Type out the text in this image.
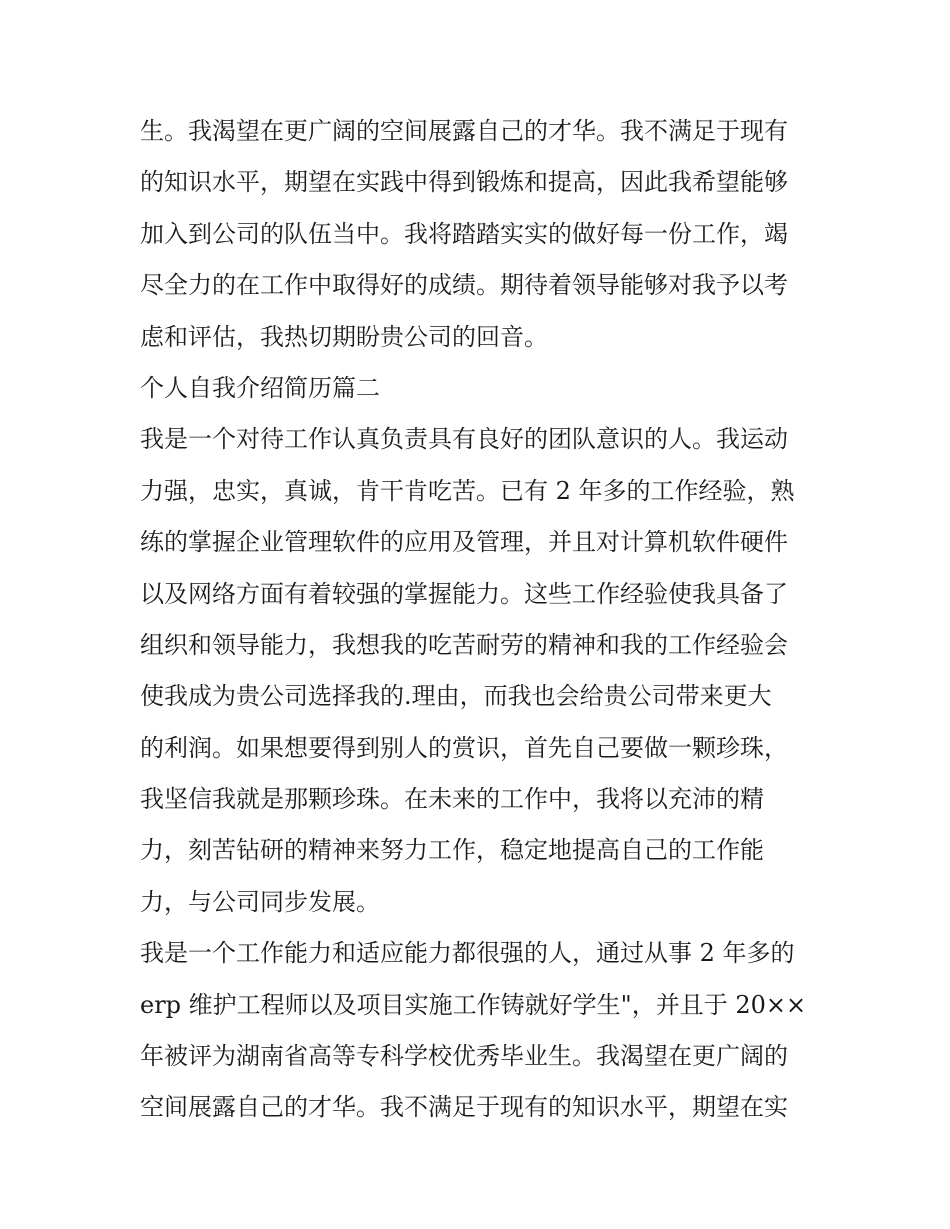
生。我渴望在更广阔的空间展露自己的才华。我不满足于现有
的知识水平，期望在实践中得到锻炼和提高，因此我希望能够
加入到公司的队伍当中。我将踏踏实实的做好每一份工作，竭
尽全力的在工作中取得好的成绩。期待着领导能够对我予以考
虑和评估，我热切期盼贵公司的回音。
个人自我介绍简历篇二
我是一个对待工作认真负责具有良好的团队意识的人。我运动
力强，忠实，真诚，肯干肯吃苦。已有 2 年多的工作经验，熟
练的掌握企业管理软件的应用及管理，并且对计算机软件硬件
以及网络方面有着较强的掌握能力。这些工作经验使我具备了
组织和领导能力，我想我的吃苦耐劳的精神和我的工作经验会
使我成为贵公司选择我的.理由，而我也会给贵公司带来更大
的利润。如果想要得到别人的赏识，首先自己要做一颗珍珠，
我坚信我就是那颗珍珠。在未来的工作中，我将以充沛的精
力，刻苦钻研的精神来努力工作，稳定地提高自己的工作能
力，与公司同步发展。
我是一个工作能力和适应能力都很强的人，通过从事 2 年多的
erp 维护工程师以及项目实施工作铸就好学生"，并且于 20××
年被评为湖南省高等专科学校优秀毕业生。我渴望在更广阔的
空间展露自己的才华。我不满足于现有的知识水平，期望在实
